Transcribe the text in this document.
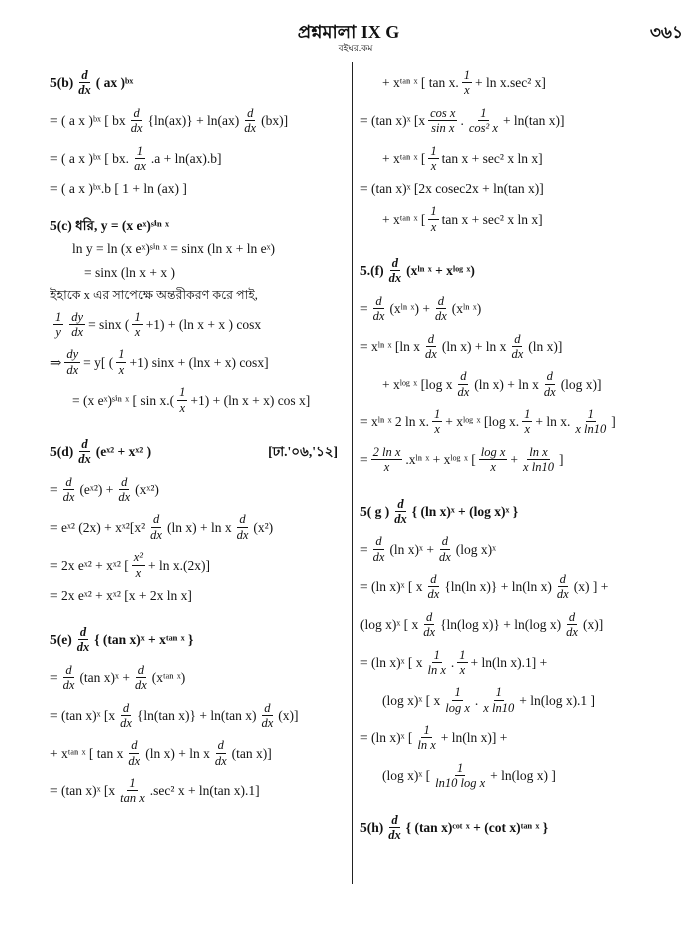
প্রশ্নমালা IX G
বইঘর.কম
৩৬১
$5(b) \frac{d}{dx}$ ( ax )ᵇˣ
= ( a x )ᵇˣ [ bx $\frac{d}{dx} \{\ln(ax)\} + \ln(ax) \frac{d}{dx} (bx)$]
= ( a x )ᵇˣ [ bx. $\frac{1}{ax} .a + \ln(ax).b$]
= ( a x )ᵇˣ.b [ 1 + ln (ax) ]
5(c) ধরি, y = (x eˣ)ˢⁱⁿ ˣ
ln y = ln (x eˣ)ˢⁱⁿ ˣ = sinx (ln x + ln eˣ)
= sinx (ln x + x )
ইহাকে x এর সাপেক্ষে অন্তরীকরণ করে পাই,
$\frac{1}{y} \frac{dy}{dx} = \sin x$ ( $\frac{1}{x} +1) + (\ln$ x + x ) cosx
⇒ $\frac{dy}{dx} = y$[ ( $\frac{1}{x} +1$) sinx + (lnx + x) cosx]
= (x eˣ)ˢⁱⁿ ˣ [ $\sin x.( \frac{1}{x} +1) + (\ln$ x + x) cos x]
$5(d) \frac{d}{dx}$ (eˣ² + xˣ² )	[ঢা.'০৬,'১২]
= $\frac{d}{dx}$ (eˣ²) + $\frac{d}{dx}$ (xˣ²)
= eˣ² (2x) + xˣ²[x² $\frac{d}{dx} (\ln$ x) + ln x $\frac{d}{dx} (x^2)$
= 2x eˣ² + xˣ² [ $\frac{\text{x²}}{x} + \ln x.(2x)$]
= 2x eˣ² + xˣ² [x + 2x ln x]
$5(e) \frac{d}{dx}$ { (tan x)ˣ + xᵗᵃⁿ ˣ }
= $\frac{d}{dx} (\tan$ x)ˣ + $\frac{d}{dx}$ (xᵗᵃⁿ ˣ)
= (tan x)ˣ [$x \frac{d}{dx} \{\ln(\tan$ x)} + ln(tan $x) \frac{d}{dx} (x)$]
+ xᵗᵃⁿ ˣ [ tan x $\frac{d}{dx} (\ln$ x) + ln x $\frac{d}{dx} (\tan$ x)]
= (tan x)ˣ [$x \frac{1}{\text{tan x}} .\sec^2$ x + ln(tan x).1]
+ xᵗᵃⁿ ˣ [ tan x. $\frac{1}{x} + \ln x.\sec^2$ x]
= (tan x)ˣ [$x \frac{\text{cos x}}{\text{sin x}}$ . $\frac{1}{\text{cos² x}} + \ln(\tan$ x)]
+ xᵗᵃⁿ ˣ [ $\frac{1}{x}$ tan x + sec² x ln x]
= (tan x)ˣ [2x cosec2x + ln(tan x)]
+ xᵗᵃⁿ ˣ [ $\frac{1}{x}$ tan x + sec² x ln x]
$5.(f) \frac{d}{dx}$ (xˡⁿ ˣ + xˡᵒᵍ ˣ)
= $\frac{d}{dx}$ (xˡⁿ ˣ) + $\frac{d}{dx}$ (xˡⁿ ˣ)
= xˡⁿ ˣ [ln x $\frac{d}{dx} (\ln$ x) + ln x $\frac{d}{dx} (\ln$ x)]
+ xˡᵒᵍ ˣ [log x $\frac{d}{dx} (\ln$ x) + ln x $\frac{d}{dx} (\log$ x)]
= xˡⁿ ˣ 2 ln x. $\frac{1}{x}$ + xˡᵒᵍ ˣ [log x. $\frac{1}{x} + \ln x$. $\frac{1}{\text{x ln10}}$ ]
= $\frac{\text{2 ln x}}{x}$ .xˡⁿ ˣ + xˡᵒᵍ ˣ [ $\frac{\text{log x}}{x} + \frac{\text{ln x}}{\text{x ln10}}$ ]
5( g ) $\frac{d}{dx}$ { (ln x)ˣ + (log x)ˣ }
= $\frac{d}{dx} (\ln$ x)ˣ + $\frac{d}{dx} (\log$ x)ˣ
= (ln x)ˣ [ x $\frac{d}{dx} \{\ln(\ln$ x)} + ln(ln $x) \frac{d}{dx} (x)$ ] +
(log x)ˣ [ x $\frac{d}{dx} \{\ln(\log$ x)} + ln(log $x) \frac{d}{dx} (x)$]
= (ln x)ˣ [ x $\frac{1}{\text{ln x}}$ . $\frac{1}{x} + \ln(\ln$ x).1] +
(log x)ˣ [ x $\frac{1}{\text{log x}}$ . $\frac{1}{\text{x ln10}} + \ln(\log$ x).1 ]
= (ln x)ˣ [ $\frac{1}{\text{ln x}} + \ln(\ln$ x)] +
(log x)ˣ [ $\frac{1}{\text{ln10 log x}} + \ln(\log$ x) ]
$5(h) \frac{d}{dx}$ { (tan x)ᶜᵒᵗ ˣ + (cot x)ᵗᵃⁿ ˣ }
